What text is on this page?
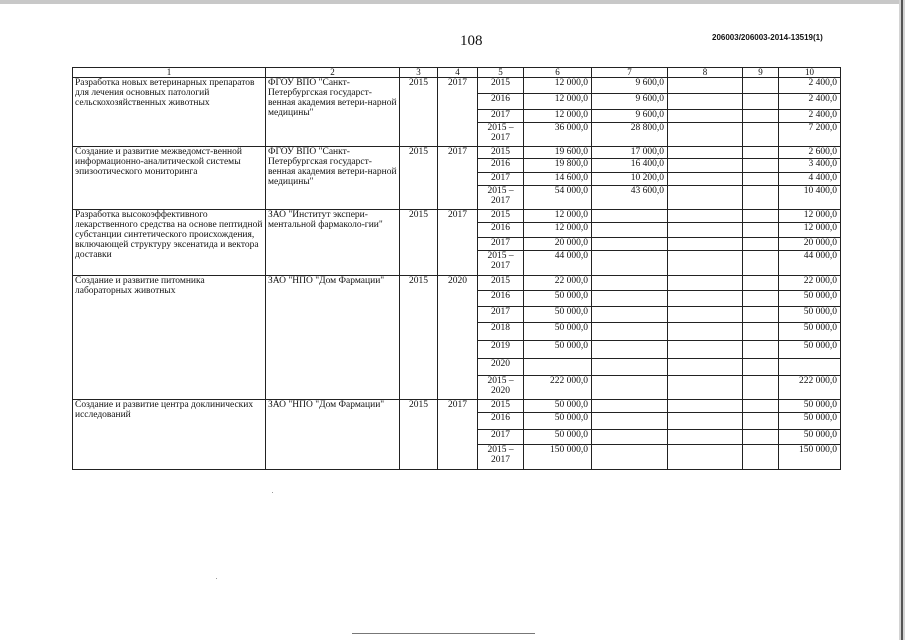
108	206003/206003-2014-13519(1)
1	2	3	4	5	6	7	8	9	10
Разработка новых ветеринарных препаратов для лечения основных патологий сельскохозяйственных животных	ФГОУ ВПО "Санкт-Петербургская государст-венная академия ветери-нарной медицины"	2015	2017	2015	12 000,0	9 600,0			2 400,0
				2016	12 000,0	9 600,0			2 400,0
				2017	12 000,0	9 600,0			2 400,0
				2015 – 2017	36 000,0	28 800,0			7 200,0
Создание и развитие межведомст-венной информационно-аналитической системы эпизоотического мониторинга	ФГОУ ВПО "Санкт-Петербургская государст-венная академия ветери-нарной медицины"	2015	2017	2015	19 600,0	17 000,0			2 600,0
				2016	19 800,0	16 400,0			3 400,0
				2017	14 600,0	10 200,0			4 400,0
				2015 – 2017	54 000,0	43 600,0			10 400,0
Разработка высокоэффективного лекарственного средства на основе пептидной субстанции синтетического происхождения, включающей структуру эксенатида и вектора доставки	ЗАО "Институт экспери-ментальной фармаколо-гии"	2015	2017	2015	12 000,0				12 000,0
				2016	12 000,0				12 000,0
				2017	20 000,0				20 000,0
				2015 – 2017	44 000,0				44 000,0
Создание и развитие питомника лабораторных животных	ЗАО "НПО "Дом Фармации"	2015	2020	2015	22 000,0				22 000,0
				2016	50 000,0				50 000,0
				2017	50 000,0				50 000,0
				2018	50 000,0				50 000,0
				2019	50 000,0				50 000,0
				2020					
				2015 – 2020	222 000,0				222 000,0
Создание и развитие центра доклинических исследований	ЗАО "НПО "Дом Фармации"	2015	2017	2015	50 000,0				50 000,0
				2016	50 000,0				50 000,0
				2017	50 000,0				50 000,0
				2015 – 2017	150 000,0				150 000,0
